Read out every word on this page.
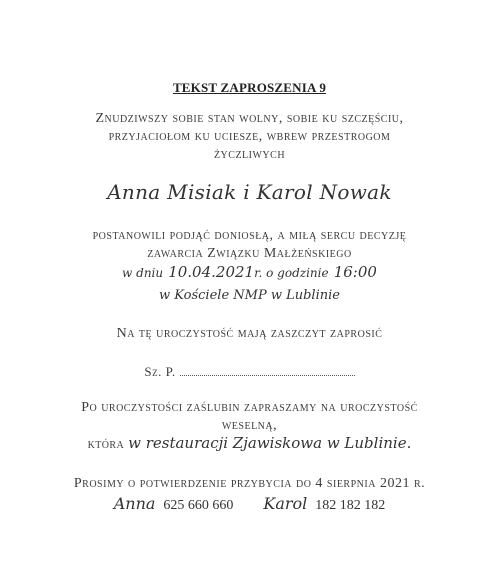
TEKST ZAPROSZENIA 9
Znudziwszy sobie stan wolny, sobie ku szczęściu,
przyjaciołom ku uciesze, wbrew przestrogom
życzliwych
Anna Misiak i Karol Nowak
postanowili podjąć doniosłą, a miłą sercu decyzję
zawarcia Związku Małżeńskiego
w dniu 10.04.2021r. o godzinie 16:00
w Kościele NMP w Lublinie
Na tę uroczystość mają zaszczyt zaprosić
Sz. P.
Po uroczystości zaślubin zapraszamy na uroczystość
weselną,
która w restauracji Zjawiskowa w Lublinie.
Prosimy o potwierdzenie przybycia do 4 sierpnia 2021 r.
Anna 625 660 660 Karol 182 182 182
